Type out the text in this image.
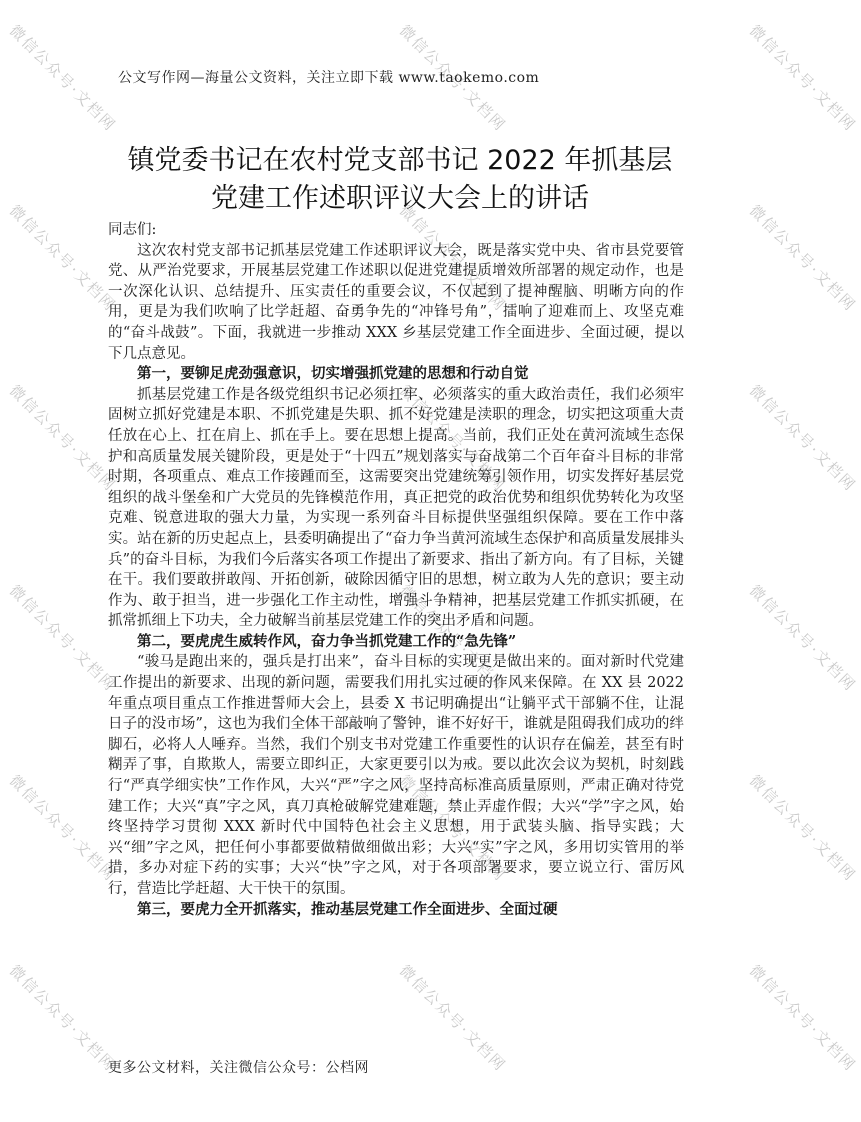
微信公众号·文档网	微信公众号·文档网	微信公众号·文档网
微信公众号·文档网	微信公众号·文档网	微信公众号·文档网
微信公众号·文档网	微信公众号·文档网	微信公众号·文档网
微信公众号·文档网	微信公众号·文档网	微信公众号·文档网
微信公众号·文档网	微信公众号·文档网	微信公众号·文档网
微信公众号·文档网	微信公众号·文档网	微信公众号·文档网
公文写作网—海量公文资料，关注立即下载 www.taokemo.com
镇党委书记在农村党支部书记 2022 年抓基层
党建工作述职评议大会上的讲话

同志们:

这次农村党支部书记抓基层党建工作述职评议大会，既是落实党中央、省市县党要管党、从严治党要求，开展基层党建工作述职以促进党建提质增效所部署的规定动作，也是一次深化认识、总结提升、压实责任的重要会议，不仅起到了提神醒脑、明晰方向的作用，更是为我们吹响了比学赶超、奋勇争先的“冲锋号角”，擂响了迎难而上、攻坚克难的“奋斗战鼓”。下面，我就进一步推动 XXX 乡基层党建工作全面进步、全面过硬，提以下几点意见。

第一，要铆足虎劲强意识，切实增强抓党建的思想和行动自觉

抓基层党建工作是各级党组织书记必须扛牢、必须落实的重大政治责任，我们必须牢固树立抓好党建是本职、不抓党建是失职、抓不好党建是渎职的理念，切实把这项重大责任放在心上、扛在肩上、抓在手上。要在思想上提高。当前，我们正处在黄河流域生态保护和高质量发展关键阶段，更是处于“十四五”规划落实与奋战第二个百年奋斗目标的非常时期，各项重点、难点工作接踵而至，这需要突出党建统筹引领作用，切实发挥好基层党组织的战斗堡垒和广大党员的先锋模范作用，真正把党的政治优势和组织优势转化为攻坚克难、锐意进取的强大力量，为实现一系列奋斗目标提供坚强组织保障。要在工作中落实。站在新的历史起点上，县委明确提出了“奋力争当黄河流域生态保护和高质量发展排头兵”的奋斗目标，为我们今后落实各项工作提出了新要求、指出了新方向。有了目标，关键在干。我们要敢拼敢闯、开拓创新，破除因循守旧的思想，树立敢为人先的意识；要主动作为、敢于担当，进一步强化工作主动性，增强斗争精神，把基层党建工作抓实抓硬，在抓常抓细上下功夫，全力破解当前基层党建工作的突出矛盾和问题。

第二，要虎虎生威转作风，奋力争当抓党建工作的“急先锋”

“骏马是跑出来的，强兵是打出来”，奋斗目标的实现更是做出来的。面对新时代党建工作提出的新要求、出现的新问题，需要我们用扎实过硬的作风来保障。在 XX 县 2022 年重点项目重点工作推进誓师大会上，县委 X 书记明确提出“让躺平式干部躺不住，让混日子的没市场”，这也为我们全体干部敲响了警钟，谁不好好干，谁就是阻碍我们成功的绊脚石，必将人人唾弃。当然，我们个别支书对党建工作重要性的认识存在偏差，甚至有时糊弄了事，自欺欺人，需要立即纠正，大家更要引以为戒。要以此次会议为契机，时刻践行“严真学细实快”工作作风，大兴“严”字之风，坚持高标准高质量原则，严肃正确对待党建工作；大兴“真”字之风，真刀真枪破解党建难题，禁止弄虚作假；大兴“学”字之风，始终坚持学习贯彻 XXX 新时代中国特色社会主义思想，用于武装头脑、指导实践；大兴“细”字之风，把任何小事都要做精做细做出彩；大兴“实”字之风，多用切实管用的举措，多办对症下药的实事；大兴“快”字之风，对于各项部署要求，要立说立行、雷厉风行，营造比学赶超、大干快干的氛围。

第三，要虎力全开抓落实，推动基层党建工作全面进步、全面过硬

更多公文材料，关注微信公众号：公档网
